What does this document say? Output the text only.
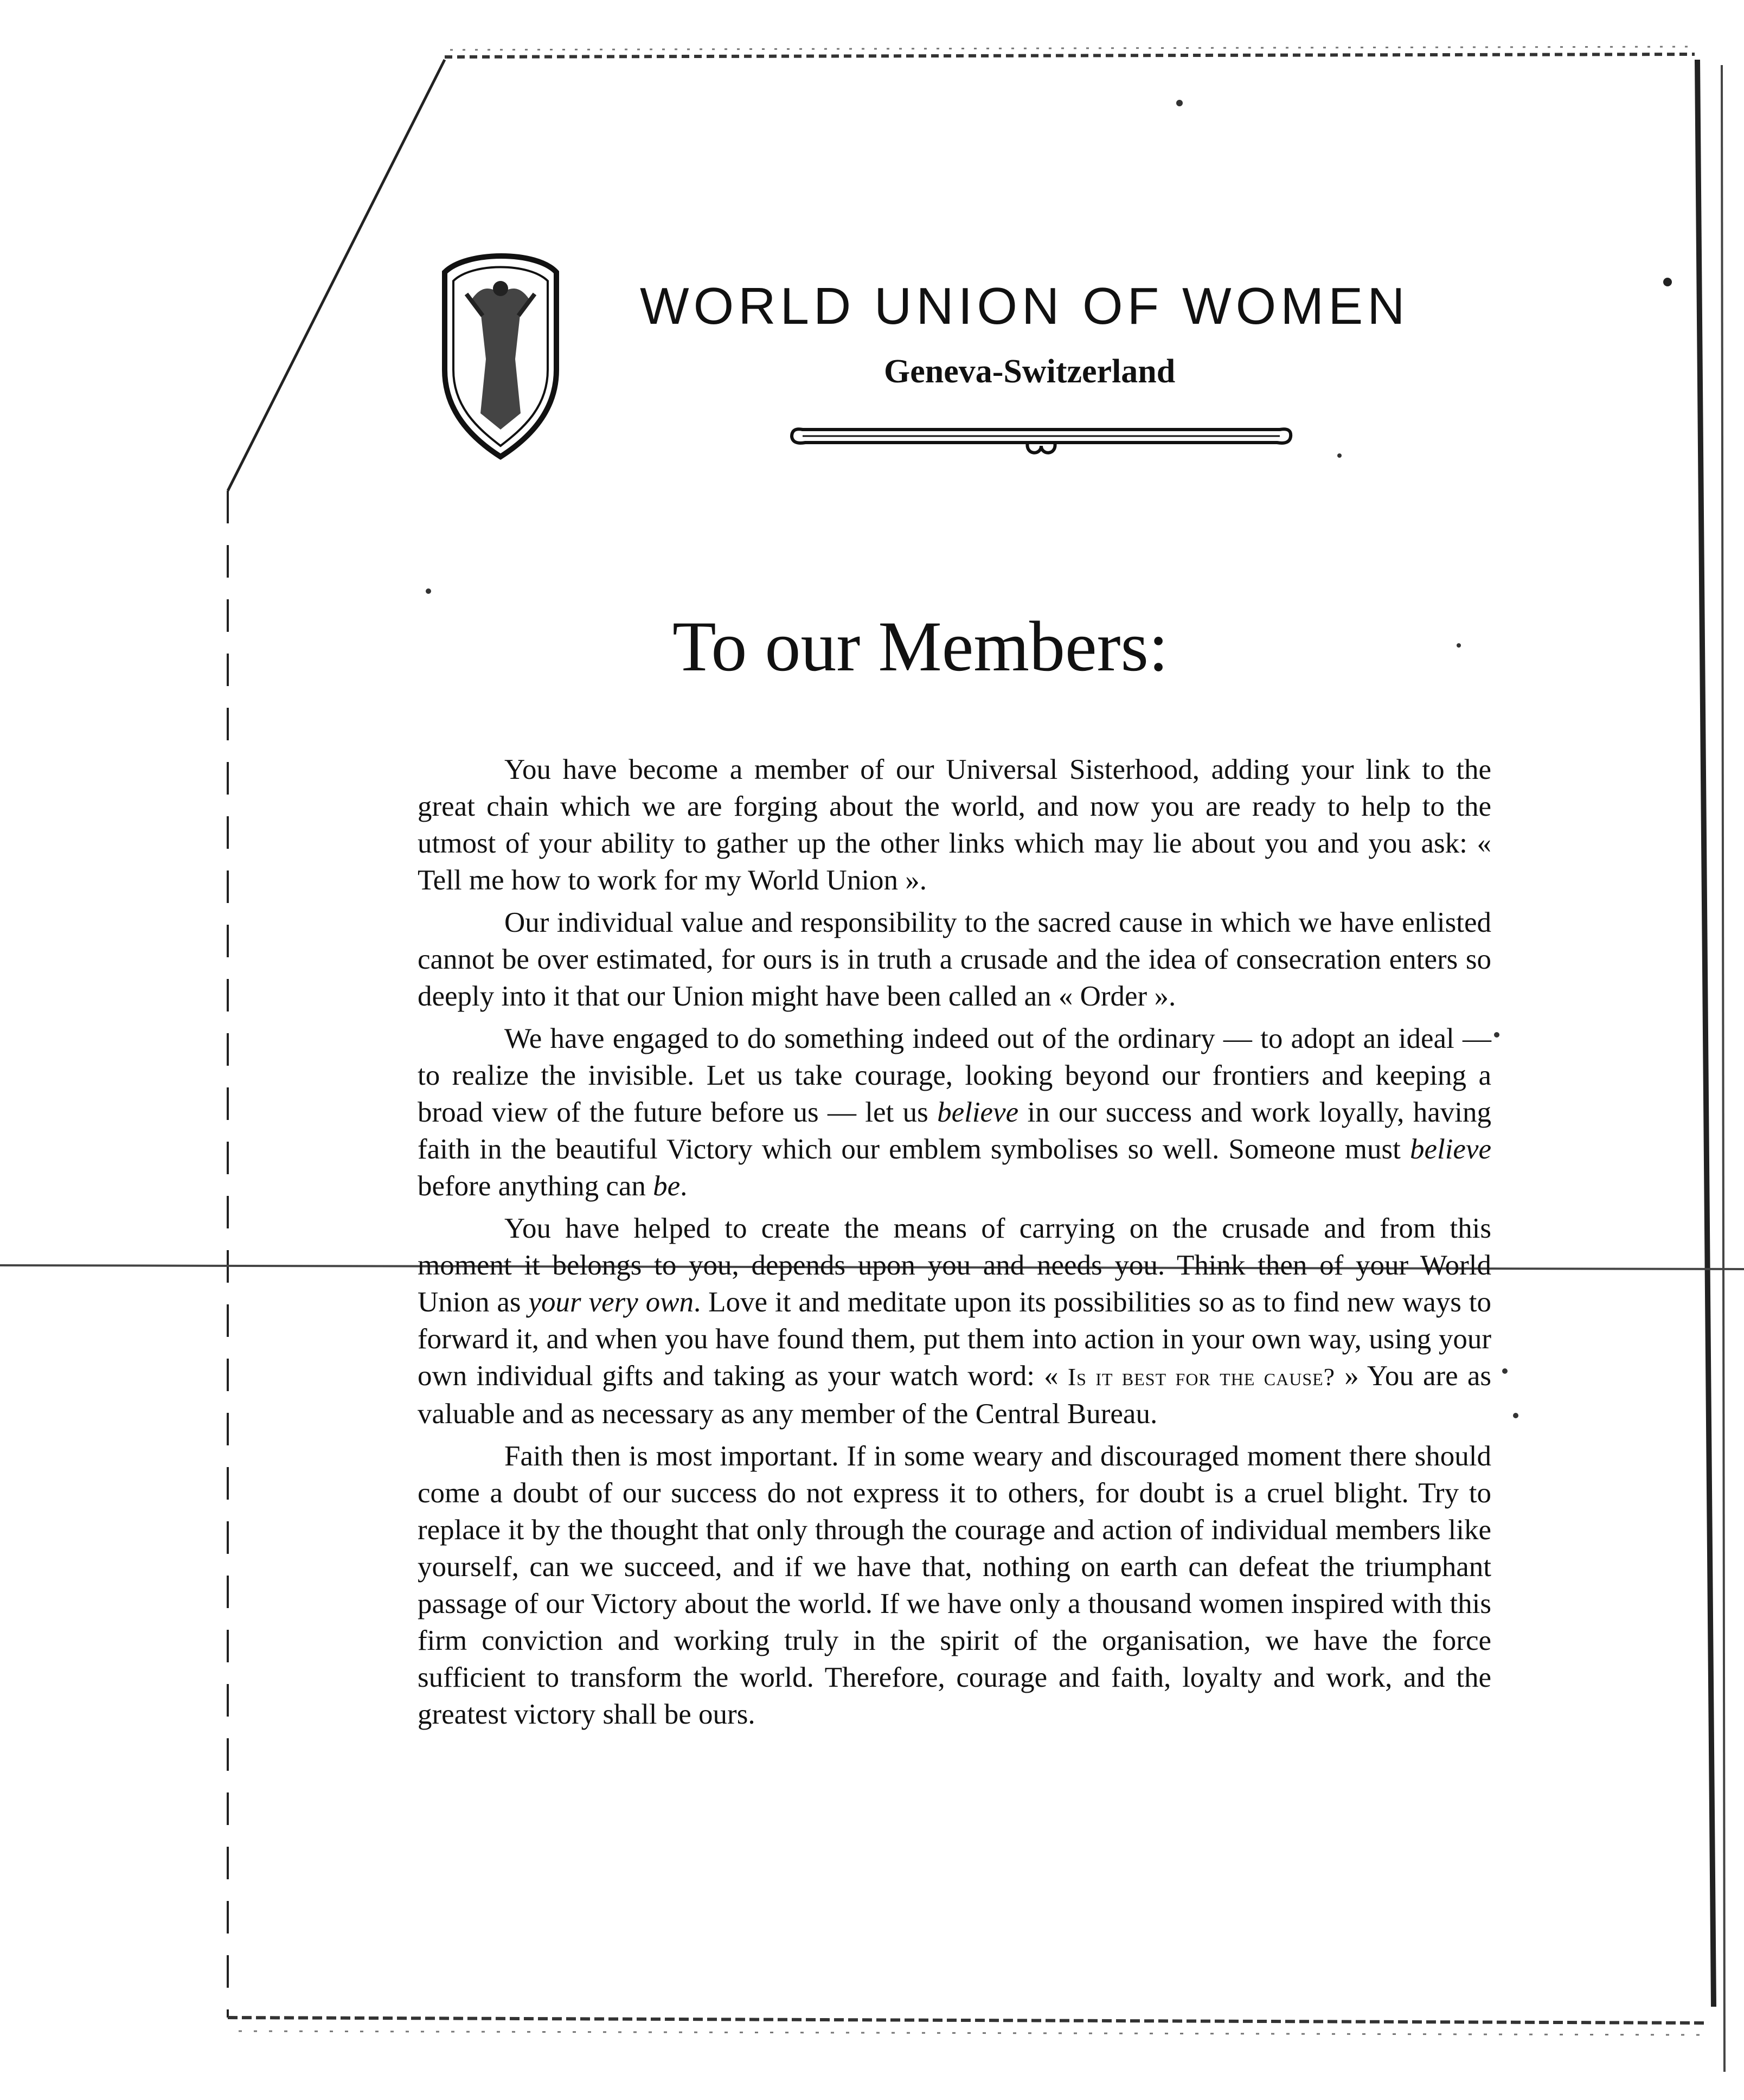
WORLD UNION OF WOMEN
Geneva-Switzerland
To our Members:

You have become a member of our Universal Sisterhood, adding your link to the great chain which we are forging about the world, and now you are ready to help to the utmost of your ability to gather up the other links which may lie about you and you ask: « Tell me how to work for my World Union ».

Our individual value and responsibility to the sacred cause in which we have enlisted cannot be over estimated, for ours is in truth a crusade and the idea of consecration enters so deeply into it that our Union might have been called an « Order ».

We have engaged to do something indeed out of the ordinary — to adopt an ideal — to realize the invisible. Let us take courage, looking beyond our frontiers and keeping a broad view of the future before us — let us believe in our success and work loyally, having faith in the beautiful Victory which our emblem symbolises so well. Someone must believe before anything can be.

You have helped to create the means of carrying on the crusade and from this moment it belongs to you, depends upon you and needs you. Think then of your World Union as your very own. Love it and meditate upon its possibilities so as to find new ways to forward it, and when you have found them, put them into action in your own way, using your own individual gifts and taking as your watch word: « Is it best for the cause? » You are as valuable and as necessary as any member of the Central Bureau.

Faith then is most important. If in some weary and discouraged moment there should come a doubt of our success do not express it to others, for doubt is a cruel blight. Try to replace it by the thought that only through the courage and action of individual members like yourself, can we succeed, and if we have that, nothing on earth can defeat the triumphant passage of our Victory about the world. If we have only a thousand women inspired with this firm conviction and working truly in the spirit of the organisation, we have the force sufficient to transform the world. Therefore, courage and faith, loyalty and work, and the greatest victory shall be ours.
